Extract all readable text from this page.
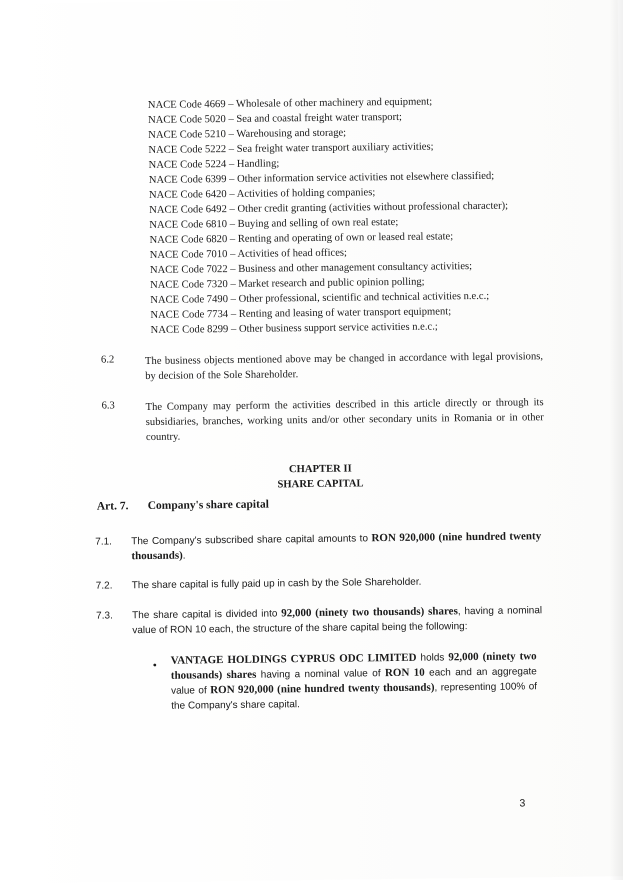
NACE Code 4669 – Wholesale of other machinery and equipment;
NACE Code 5020 – Sea and coastal freight water transport;
NACE Code 5210 – Warehousing and storage;
NACE Code 5222 – Sea freight water transport auxiliary activities;
NACE Code 5224 – Handling;
NACE Code 6399 – Other information service activities not elsewhere classified;
NACE Code 6420 – Activities of holding companies;
NACE Code 6492 – Other credit granting (activities without professional character);
NACE Code 6810 – Buying and selling of own real estate;
NACE Code 6820 – Renting and operating of own or leased real estate;
NACE Code 7010 – Activities of head offices;
NACE Code 7022 – Business and other management consultancy activities;
NACE Code 7320 – Market research and public opinion polling;
NACE Code 7490 – Other professional, scientific and technical activities n.e.c.;
NACE Code 7734 – Renting and leasing of water transport equipment;
NACE Code 8299 – Other business support service activities n.e.c.;
6.2	The business objects mentioned above may be changed in accordance with legal provisions, by decision of the Sole Shareholder.
6.3	The Company may perform the activities described in this article directly or through its subsidiaries, branches, working units and/or other secondary units in Romania or in other country.
CHAPTER II
SHARE CAPITAL
Art. 7. Company's share capital
7.1. The Company's subscribed share capital amounts to RON 920,000 (nine hundred twenty thousands).
7.2. The share capital is fully paid up in cash by the Sole Shareholder.
7.3. The share capital is divided into 92,000 (ninety two thousands) shares, having a nominal value of RON 10 each, the structure of the share capital being the following:
• VANTAGE HOLDINGS CYPRUS ODC LIMITED holds 92,000 (ninety two thousands) shares having a nominal value of RON 10 each and an aggregate value of RON 920,000 (nine hundred twenty thousands), representing 100% of the Company's share capital.
3
